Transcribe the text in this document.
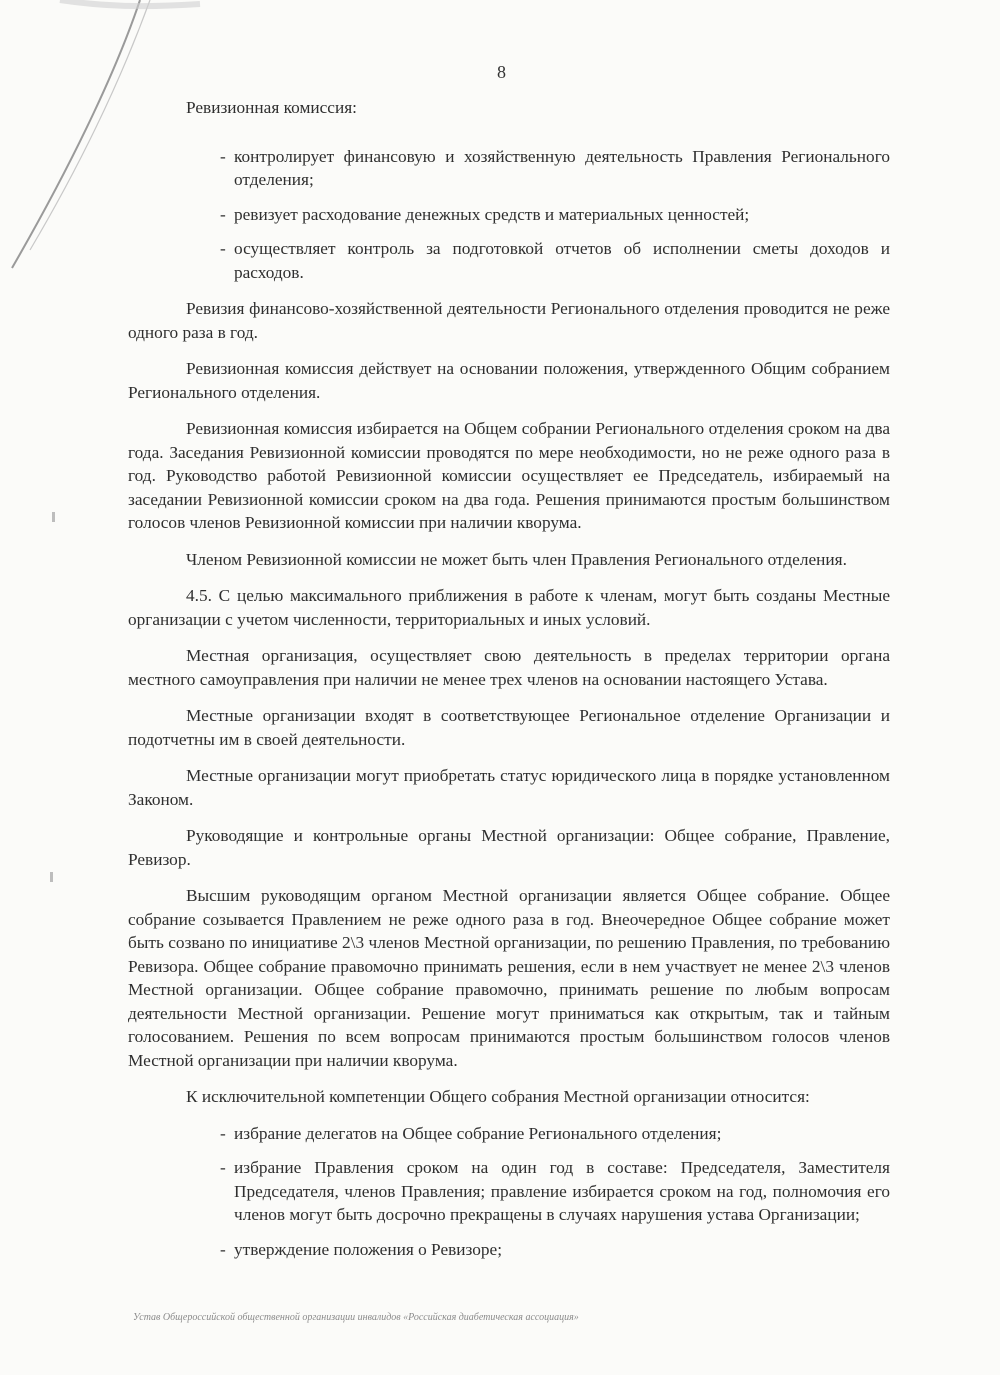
8

Ревизионная комиссия:

- контролирует финансовую и хозяйственную деятельность Правления Регионального отделения;

- ревизует расходование денежных средств и материальных ценностей;

- осуществляет контроль за подготовкой отчетов об исполнении сметы доходов и расходов.

Ревизия финансово-хозяйственной деятельности Регионального отделения проводится не реже одного раза в год.

Ревизионная комиссия действует на основании положения, утвержденного Общим собранием Регионального отделения.

Ревизионная комиссия избирается на Общем собрании Регионального отделения сроком на два года. Заседания Ревизионной комиссии проводятся по мере необходимости, но не реже одного раза в год. Руководство работой Ревизионной комиссии осуществляет ее Председатель, избираемый на заседании Ревизионной комиссии сроком на два года. Решения принимаются простым большинством голосов членов Ревизионной комиссии при наличии кворума.

Членом Ревизионной комиссии не может быть член Правления Регионального отделения.

4.5. С целью максимального приближения в работе к членам, могут быть созданы Местные организации с учетом численности, территориальных и иных условий.

Местная организация, осуществляет свою деятельность в пределах территории органа местного самоуправления при наличии не менее трех членов на основании настоящего Устава.

Местные организации входят в соответствующее Региональное отделение Организации и подотчетны им в своей деятельности.

Местные организации могут приобретать статус юридического лица в порядке установленном Законом.

Руководящие и контрольные органы Местной организации: Общее собрание, Правление, Ревизор.

Высшим руководящим органом Местной организации является Общее собрание. Общее собрание созывается Правлением не реже одного раза в год. Внеочередное Общее собрание может быть созвано по инициативе 2\3 членов Местной организации, по решению Правления, по требованию Ревизора. Общее собрание правомочно принимать решения, если в нем участвует не менее 2\3 членов Местной организации. Общее собрание правомочно, принимать решение по любым вопросам деятельности Местной организации. Решение могут приниматься как открытым, так и тайным голосованием. Решения по всем вопросам принимаются простым большинством голосов членов Местной организации при наличии кворума.

К исключительной компетенции Общего собрания Местной организации относится:

- избрание делегатов на Общее собрание Регионального отделения;

- избрание Правления сроком на один год в составе: Председателя, Заместителя Председателя, членов Правления; правление избирается сроком на год, полномочия его членов могут быть досрочно прекращены в случаях нарушения устава Организации;

- утверждение положения о Ревизоре;

Устав Общероссийской общественной организации инвалидов «Российская диабетическая ассоциация»
